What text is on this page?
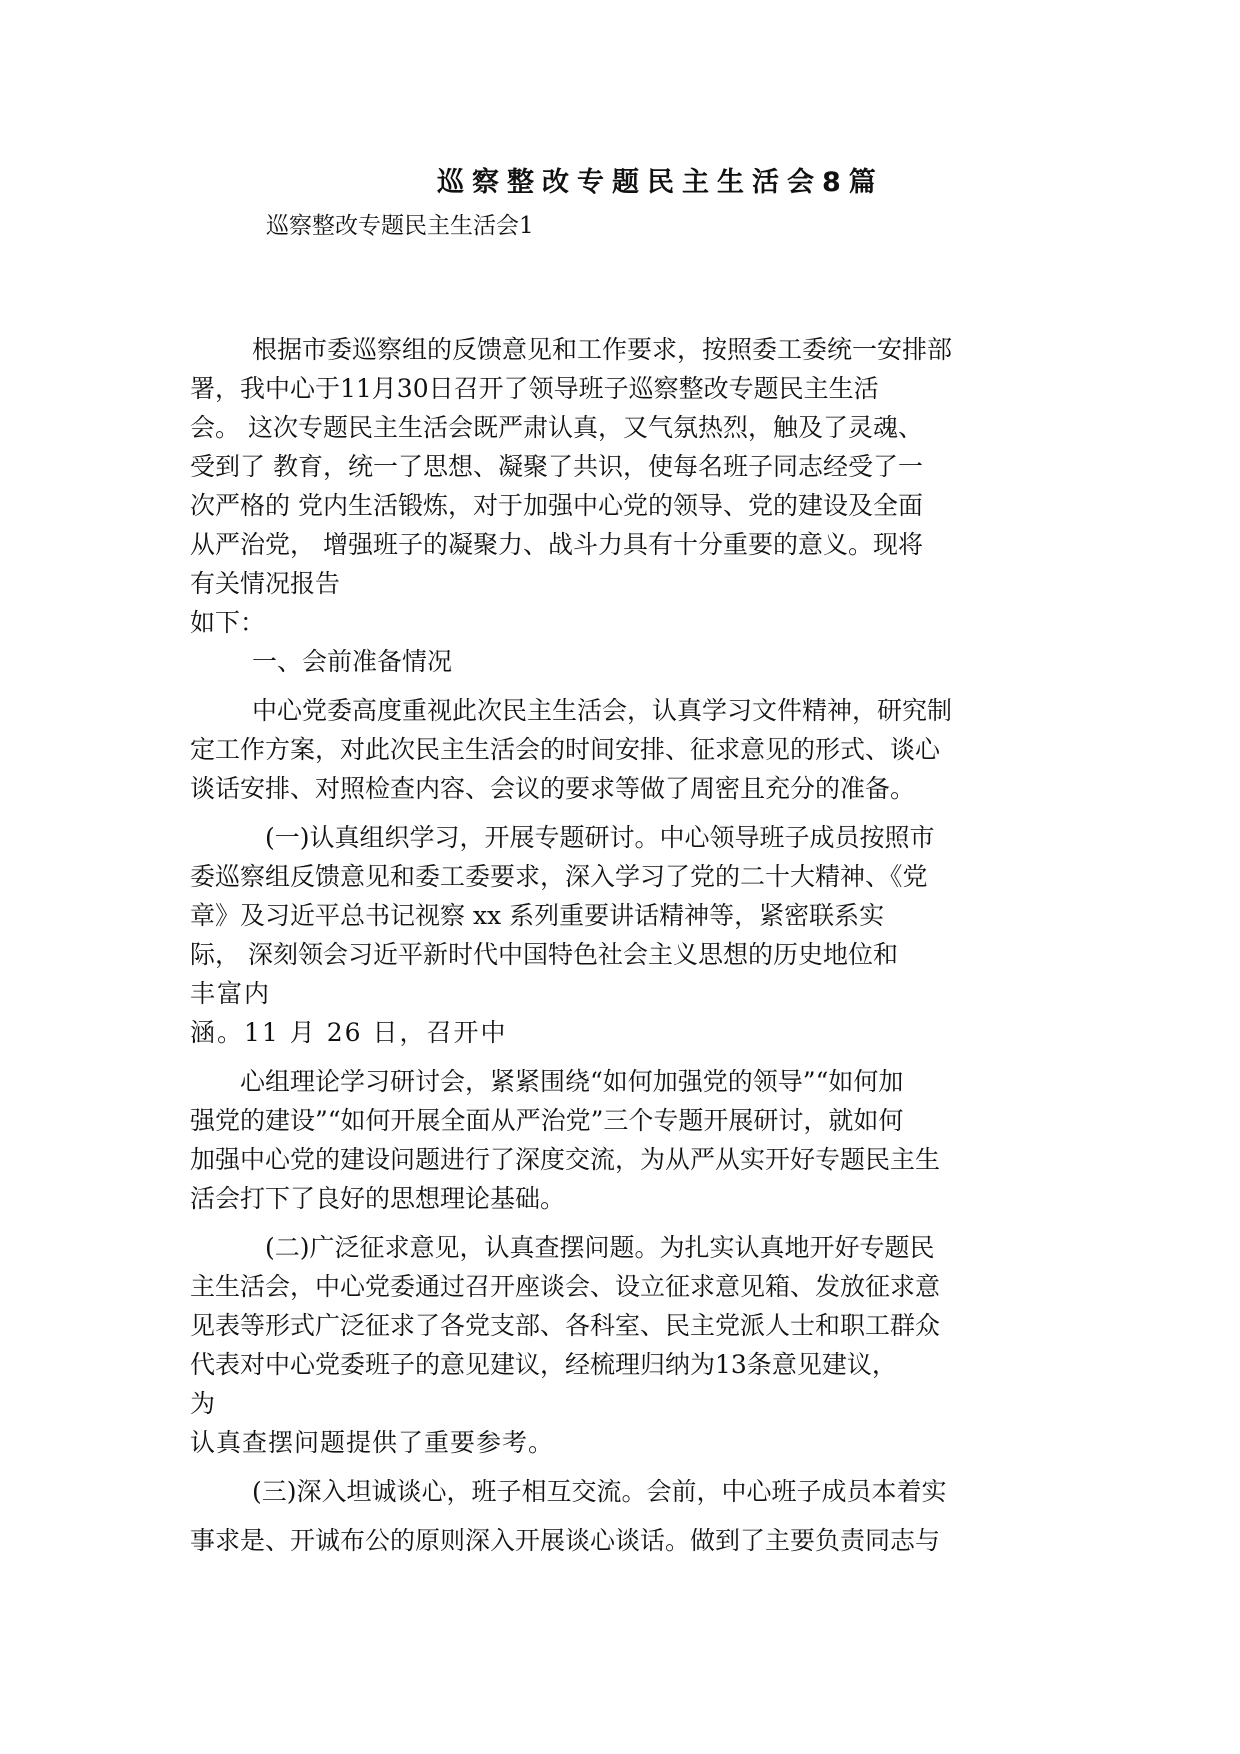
巡察整改专题民主生活会8篇
巡察整改专题民主生活会1
根据市委巡察组的反馈意见和工作要求，按照委工委统一安排部
署，我中心于11月30日召开了领导班子巡察整改专题民主生活
会。 这次专题民主生活会既严肃认真，又气氛热烈，触及了灵魂、
受到了 教育，统一了思想、凝聚了共识，使每名班子同志经受了一
次严格的 党内生活锻炼，对于加强中心党的领导、党的建设及全面
从严治党， 增强班子的凝聚力、战斗力具有十分重要的意义。现将
有关情况报告
如下：
一、会前准备情况
中心党委高度重视此次民主生活会，认真学习文件精神，研究制
定工作方案，对此次民主生活会的时间安排、征求意见的形式、谈心
谈话安排、对照检查内容、会议的要求等做了周密且充分的准备。
(一)认真组织学习，开展专题研讨。中心领导班子成员按照市
委巡察组反馈意见和委工委要求，深入学习了党的二十大精神、《党
章》及习近平总书记视察 xx 系列重要讲话精神等，紧密联系实
际， 深刻领会习近平新时代中国特色社会主义思想的历史地位和
丰富内
涵。11 月 26 日，召开中
心组理论学习研讨会，紧紧围绕“如何加强党的领导”“如何加
强党的建设”“如何开展全面从严治党”三个专题开展研讨，就如何
加强中心党的建设问题进行了深度交流，为从严从实开好专题民主生
活会打下了良好的思想理论基础。
(二)广泛征求意见，认真查摆问题。为扎实认真地开好专题民
主生活会，中心党委通过召开座谈会、设立征求意见箱、发放征求意
见表等形式广泛征求了各党支部、各科室、民主党派人士和职工群众
代表对中心党委班子的意见建议，经梳理归纳为13条意见建议，
为
认真查摆问题提供了重要参考。
(三)深入坦诚谈心，班子相互交流。会前，中心班子成员本着实
事求是、开诚布公的原则深入开展谈心谈话。做到了主要负责同志与
